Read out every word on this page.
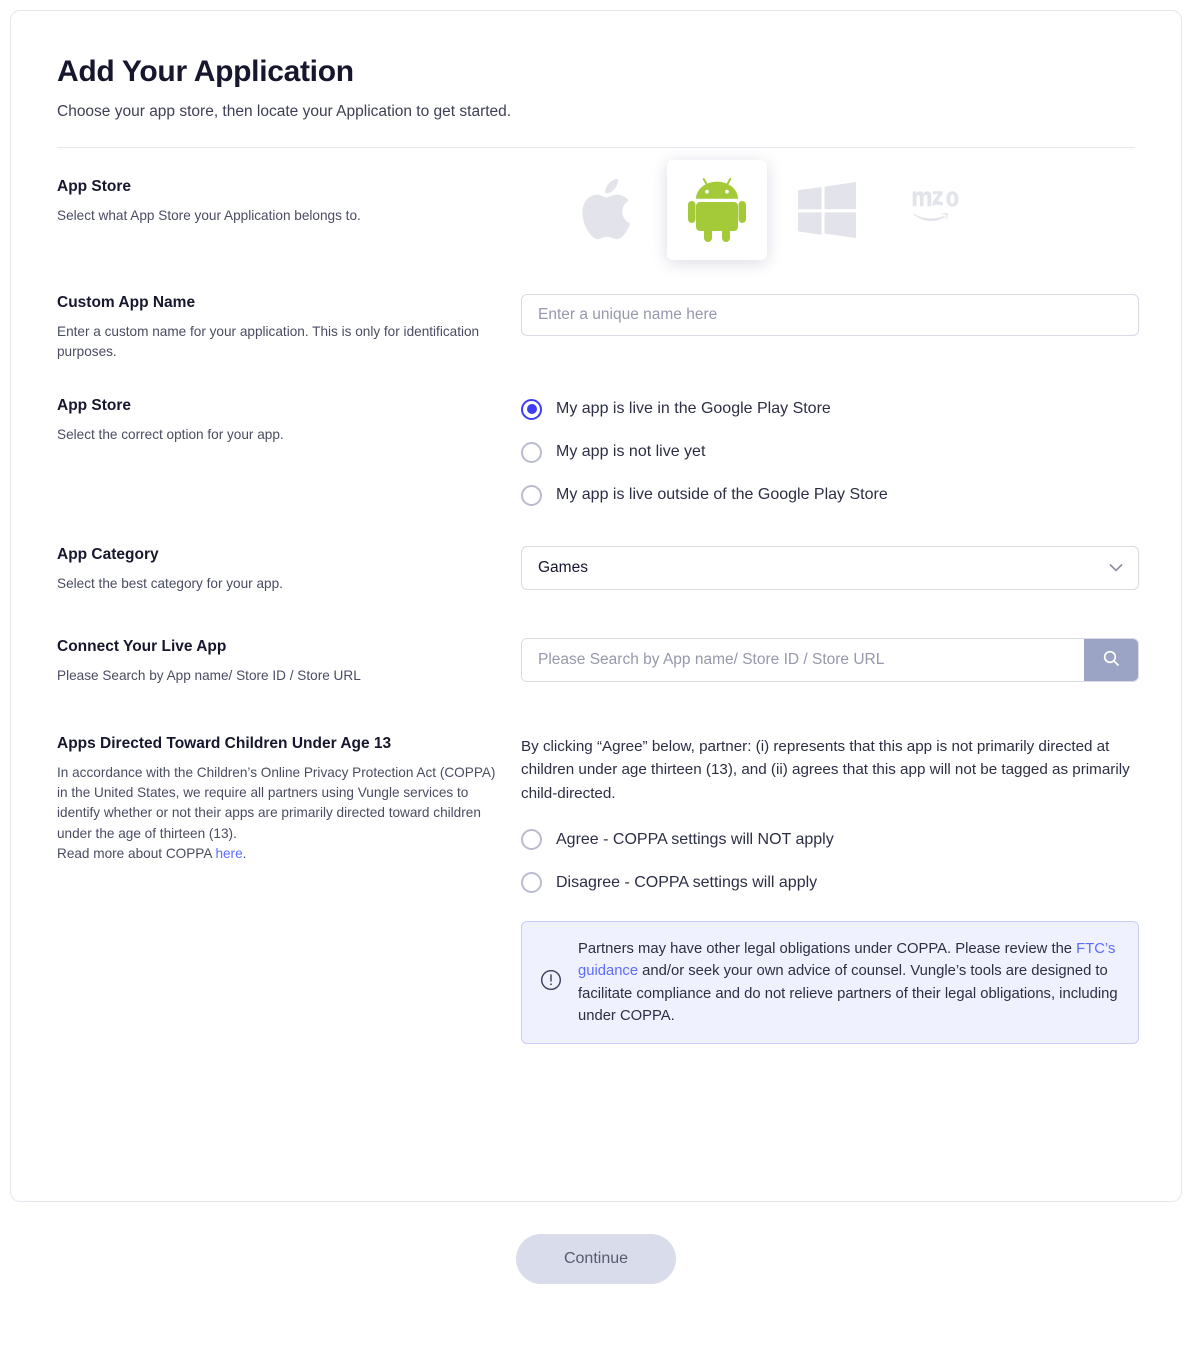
Add Your Application

Choose your app store, then locate your Application to get started.

App Store

Select what App Store your Application belongs to.

Custom App Name

Enter a custom name for your application. This is only for identification purposes.

Enter a unique name here
App Store

Select the correct option for your app.

My app is live in the Google Play Store
My app is not live yet
My app is live outside of the Google Play Store
App Category

Select the best category for your app.

Games
Connect Your Live App

Please Search by App name/ Store ID / Store URL

Please Search by App name/ Store ID / Store URL
Apps Directed Toward Children Under Age 13

In accordance with the Children’s Online Privacy Protection Act (COPPA) in the United States, we require all partners using Vungle services to identify whether or not their apps are primarily directed toward children under the age of thirteen (13).
Read more about COPPA here.

By clicking “Agree” below, partner: (i) represents that this app is not primarily directed at children under age thirteen (13), and (ii) agrees that this app will not be tagged as primarily child-directed.

Agree - COPPA settings will NOT apply
Disagree - COPPA settings will apply
Partners may have other legal obligations under COPPA. Please review the FTC’s guidance and/or seek your own advice of counsel. Vungle’s tools are designed to facilitate compliance and do not relieve partners of their legal obligations, including under COPPA.
Continue
